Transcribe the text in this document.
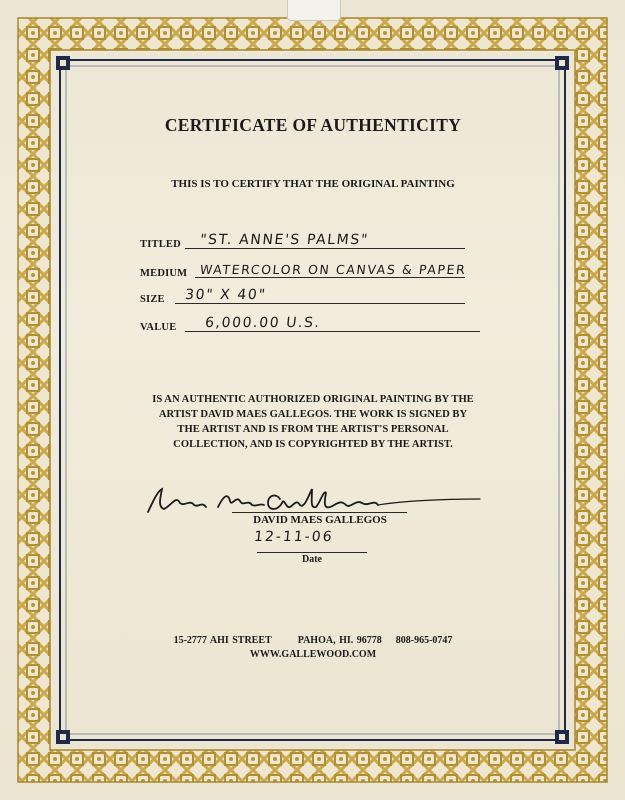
CERTIFICATE OF AUTHENTICITY
THIS IS TO CERTIFY THAT THE ORIGINAL PAINTING
TITLED "ST. ANNE'S PALMS"
MEDIUM WATERCOLOR ON CANVAS & PAPER
SIZE 30" X 40"
VALUE 6,000.00 U.S.
IS AN AUTHENTIC AUTHORIZED ORIGINAL PAINTING BY THE
ARTIST DAVID MAES GALLEGOS. THE WORK IS SIGNED BY
THE ARTIST AND IS FROM THE ARTIST'S PERSONAL
COLLECTION, AND IS COPYRIGHTED BY THE ARTIST.
DAVID MAES GALLEGOS
12-11-06
Date
15-2777 AHI STREET	PAHOA, HI. 96778 808-965-0747
WWW.GALLEWOOD.COM
